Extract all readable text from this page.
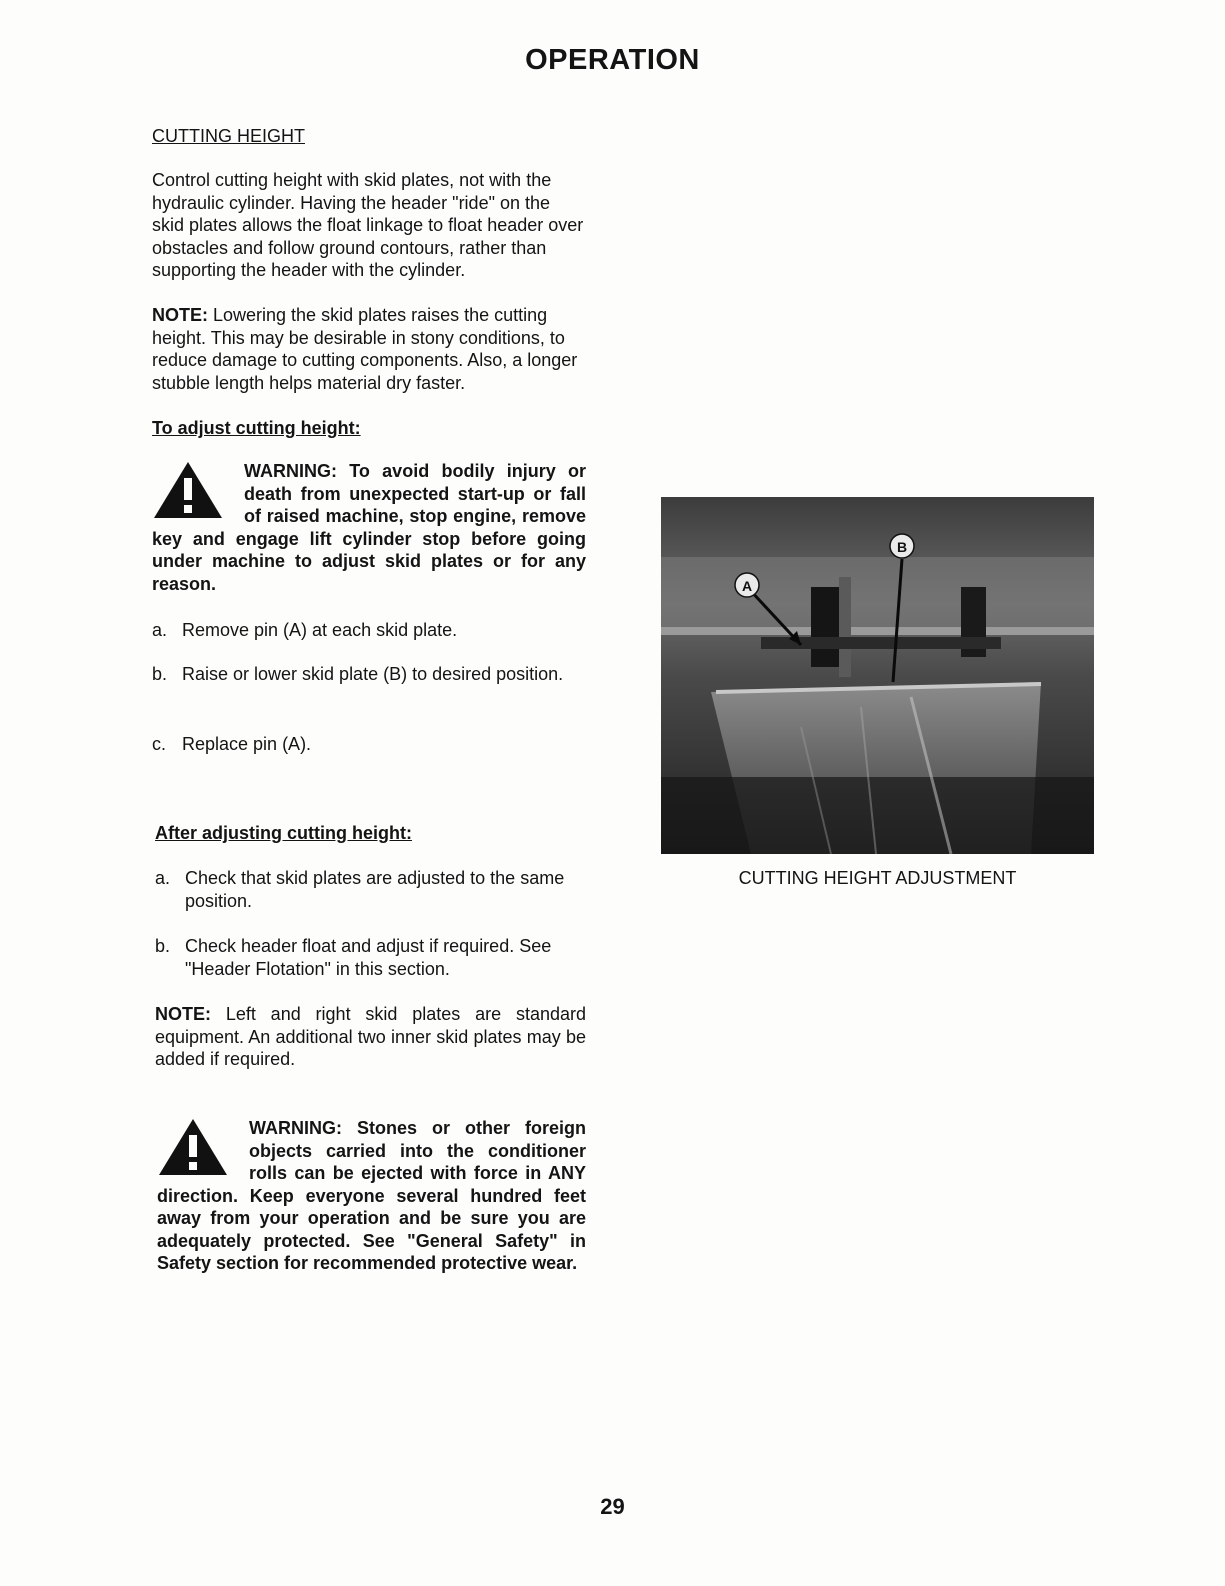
OPERATION

CUTTING HEIGHT

Control cutting height with skid plates, not with the hydraulic cylinder. Having the header "ride" on the skid plates allows the float linkage to float header over obstacles and follow ground contours, rather than supporting the header with the cylinder.

NOTE: Lowering the skid plates raises the cutting height. This may be desirable in stony conditions, to reduce damage to cutting components. Also, a longer stubble length helps material dry faster.

To adjust cutting height:

WARNING: To avoid bodily injury or death from unexpected start-up or fall of raised machine, stop engine, remove key and engage lift cylinder stop before going under machine to adjust skid plates or for any reason.

a. Remove pin (A) at each skid plate.
b. Raise or lower skid plate (B) to desired position.
c. Replace pin (A).
After adjusting cutting height:
a. Check that skid plates are adjusted to the same position.
b. Check header float and adjust if required. See "Header Flotation" in this section.

NOTE: Left and right skid plates are standard equipment. An additional two inner skid plates may be added if required.

WARNING: Stones or other foreign objects carried into the conditioner rolls can be ejected with force in ANY direction. Keep everyone several hundred feet away from your operation and be sure you are adequately protected. See "General Safety" in Safety section for recommended protective wear.

A
B
CUTTING HEIGHT ADJUSTMENT
29
